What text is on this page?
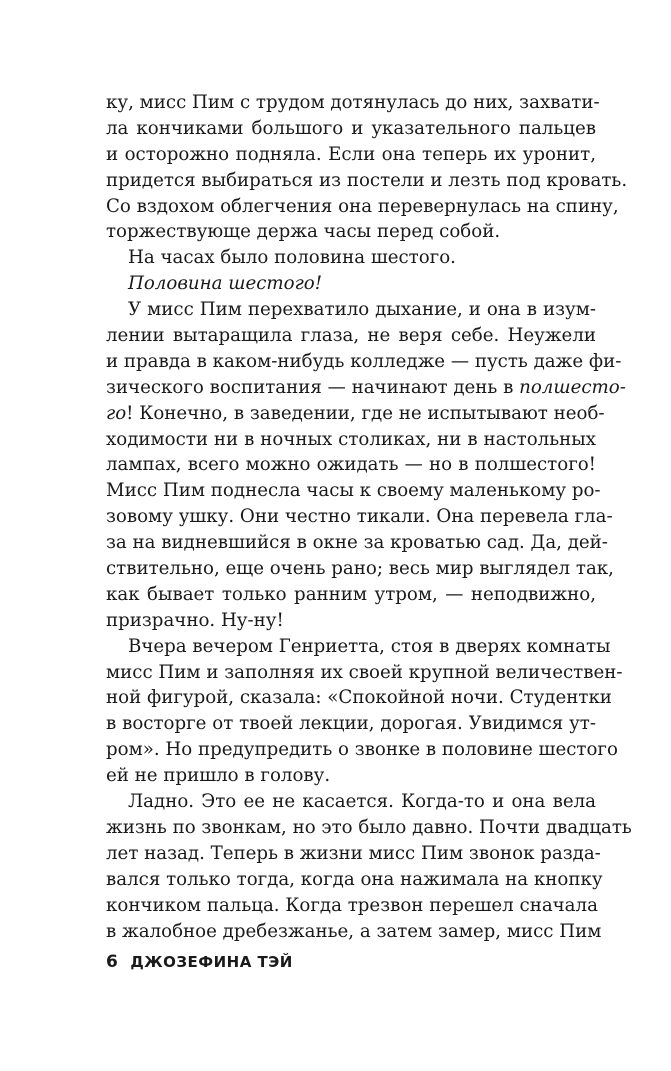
ку, мисс Пим с трудом дотянулась до них, захвати-
ла кончиками большого и указательного пальцев
и осторожно подняла. Если она теперь их уронит,
придется выбираться из постели и лезть под кровать.
Со вздохом облегчения она перевернулась на спину,
торжествующе держа часы перед собой.
На часах было половина шестого.
Половина шестого!
У мисс Пим перехватило дыхание, и она в изум-
лении вытаращила глаза, не веря себе. Неужели
и правда в каком-нибудь колледже — пусть даже фи-
зического воспитания — начинают день в полшесто-
го! Конечно, в заведении, где не испытывают необ-
ходимости ни в ночных столиках, ни в настольных
лампах, всего можно ожидать — но в полшестого!
Мисс Пим поднесла часы к своему маленькому ро-
зовому ушку. Они честно тикали. Она перевела гла-
за на видневшийся в окне за кроватью сад. Да, дей-
ствительно, еще очень рано; весь мир выглядел так,
как бывает только ранним утром, — неподвижно,
призрачно. Ну-ну!
Вчера вечером Генриетта, стоя в дверях комнаты
мисс Пим и заполняя их своей крупной величествен-
ной фигурой, сказала: «Спокойной ночи. Студентки
в восторге от твоей лекции, дорогая. Увидимся ут-
ром». Но предупредить о звонке в половине шестого
ей не пришло в голову.
Ладно. Это ее не касается. Когда-то и она вела
жизнь по звонкам, но это было давно. Почти двадцать
лет назад. Теперь в жизни мисс Пим звонок разда-
вался только тогда, когда она нажимала на кнопку
кончиком пальца. Когда трезвон перешел сначала
в жалобное дребезжанье, а затем замер, мисс Пим
6 ДЖОЗЕФИНА ТЭЙ
